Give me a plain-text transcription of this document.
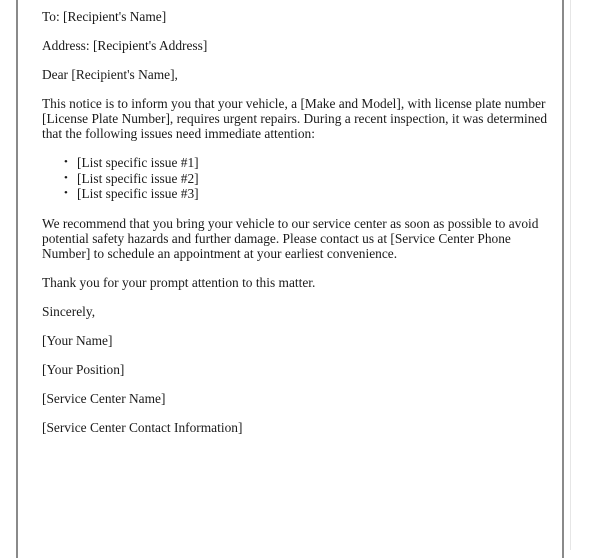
To: [Recipient's Name]

Address: [Recipient's Address]

Dear [Recipient's Name],

This notice is to inform you that your vehicle, a [Make and Model], with license plate number [License Plate Number], requires urgent repairs. During a recent inspection, it was determined that the following issues need immediate attention:

• [List specific issue #1]
• [List specific issue #2]
• [List specific issue #3]

We recommend that you bring your vehicle to our service center as soon as possible to avoid potential safety hazards and further damage. Please contact us at [Service Center Phone Number] to schedule an appointment at your earliest convenience.

Thank you for your prompt attention to this matter.

Sincerely,

[Your Name]

[Your Position]

[Service Center Name]

[Service Center Contact Information]
